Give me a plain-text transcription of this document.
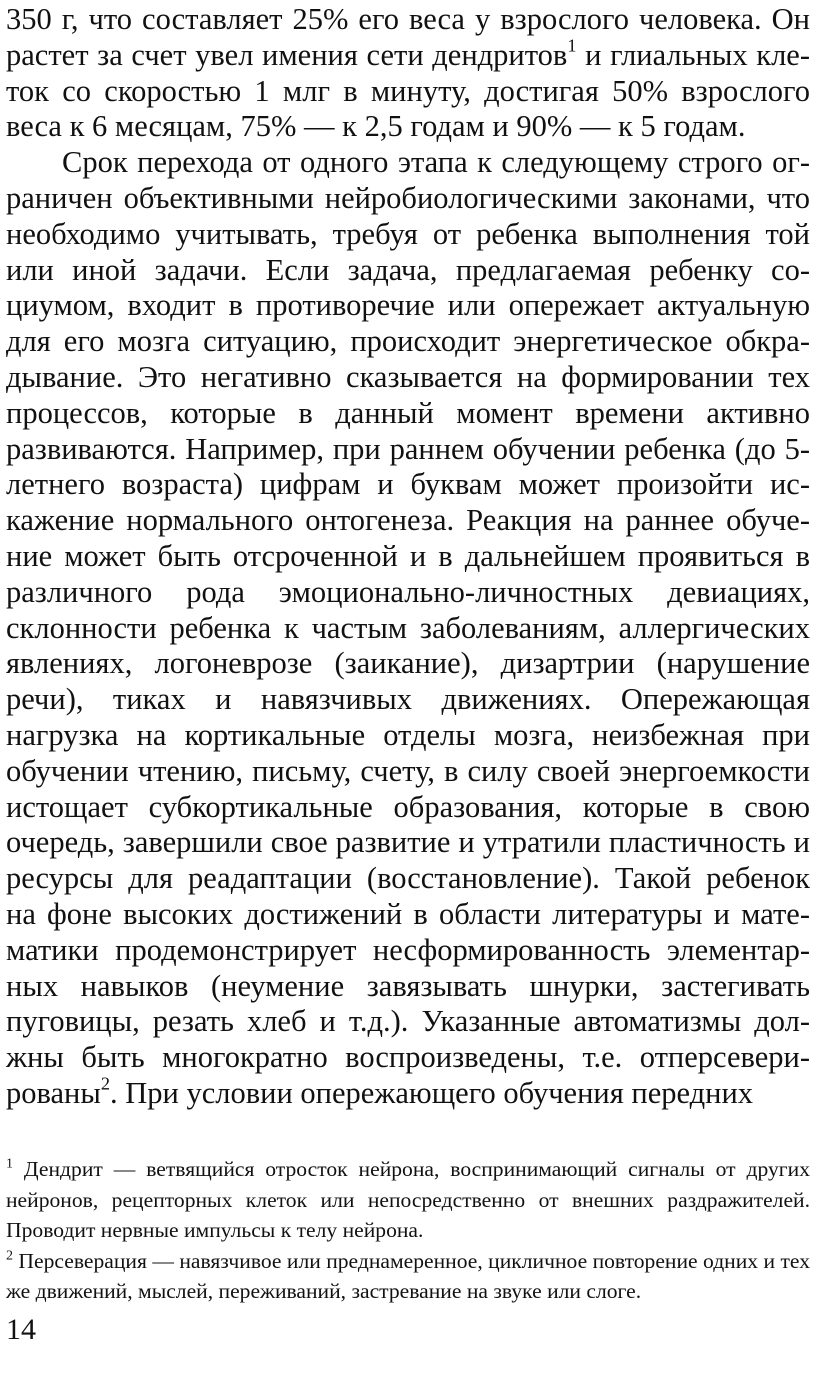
350 г, что составляет 25% его веса у взрослого человека. Он растет за счет увел имения сети дендритов$^1$ и глиальных клеток со скоростью 1 млг в минуту, достигая 50% взрослого веса к 6 месяцам, 75% — к 2,5 годам и 90% — к 5 годам.

Срок перехода от одного этапа к следующему строго ограничен объективными нейробиологическими законами, что необходимо учитывать, требуя от ребенка выполнения той или иной задачи. Если задача, предлагаемая ребенку социумом, входит в противоречие или опережает актуальную для его мозга ситуацию, происходит энергетическое обкрадывание. Это негативно сказывается на формировании тех процессов, которые в данный момент времени активно развиваются. Например, при раннем обучении ребенка (до 5-летнего возраста) цифрам и буквам может произойти искажение нормального онтогенеза. Реакция на раннее обучение может быть отсроченной и в дальнейшем проявиться в различного рода эмоционально-личностных девиациях, склонности ребенка к частым заболеваниям, аллергических явлениях, логоневрозе (заикание), дизартрии (нарушение речи), тиках и навязчивых движениях. Опережающая нагрузка на кортикальные отделы мозга, неизбежная при обучении чтению, письму, счету, в силу своей энергоемкости истощает субкортикальные образования, которые в свою очередь, завершили свое развитие и утратили пластичность и ресурсы для реадаптации (восстановление). Такой ребенок на фоне высоких достижений в области литературы и математики продемонстрирует несформированность элементарных навыков (неумение завязывать шнурки, застегивать пуговицы, резать хлеб и т.д.). Указанные автоматизмы должны быть многократно воспроизведены, т.е. отперсеверированы$^2$. При условии опережающего обучения передних

$^1$ Дендрит — ветвящийся отросток нейрона, воспринимающий сигналы от других нейронов, рецепторных клеток или непосредственно от внешних раздражителей. Проводит нервные импульсы к телу нейрона.

$^2$ Персеверация — навязчивое или преднамеренное, цикличное повторение одних и тех же движений, мыслей, переживаний, застревание на звуке или слоге.

14
